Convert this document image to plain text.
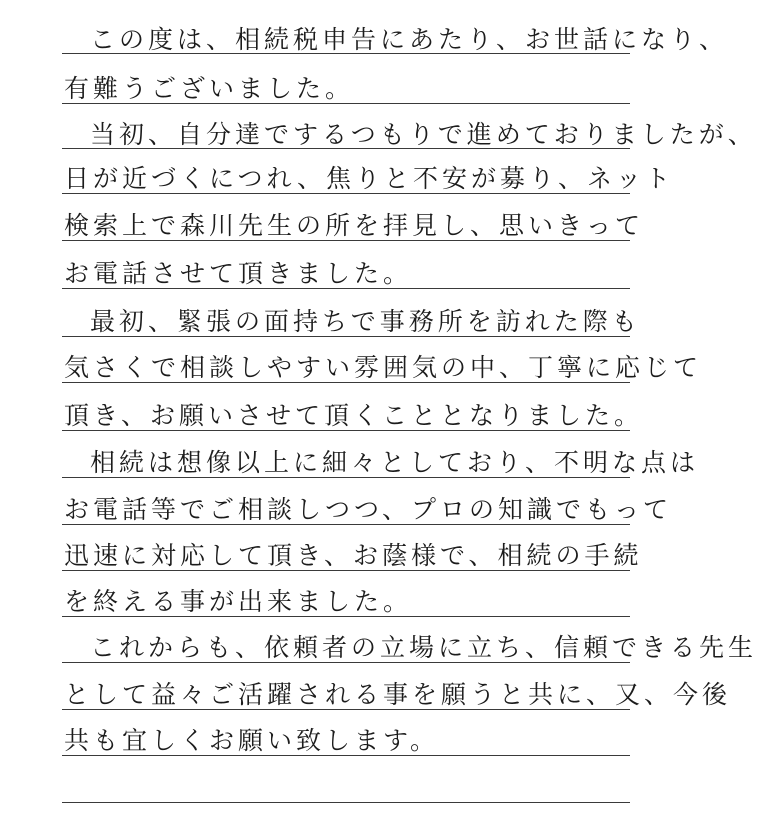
この度は、相続税申告にあたり、お世話になり、
有難うございました。
当初、自分達でするつもりで進めておりましたが、
日が近づくにつれ、焦りと不安が募り、ネット
検索上で森川先生の所を拝見し、思いきって
お電話させて頂きました。
最初、緊張の面持ちで事務所を訪れた際も
気さくで相談しやすい雰囲気の中、丁寧に応じて
頂き、お願いさせて頂くこととなりました。
相続は想像以上に細々としており、不明な点は
お電話等でご相談しつつ、プロの知識でもって
迅速に対応して頂き、お蔭様で、相続の手続
を終える事が出来ました。
これからも、依頼者の立場に立ち、信頼できる先生
として益々ご活躍される事を願うと共に、又、今後
共も宜しくお願い致します。
